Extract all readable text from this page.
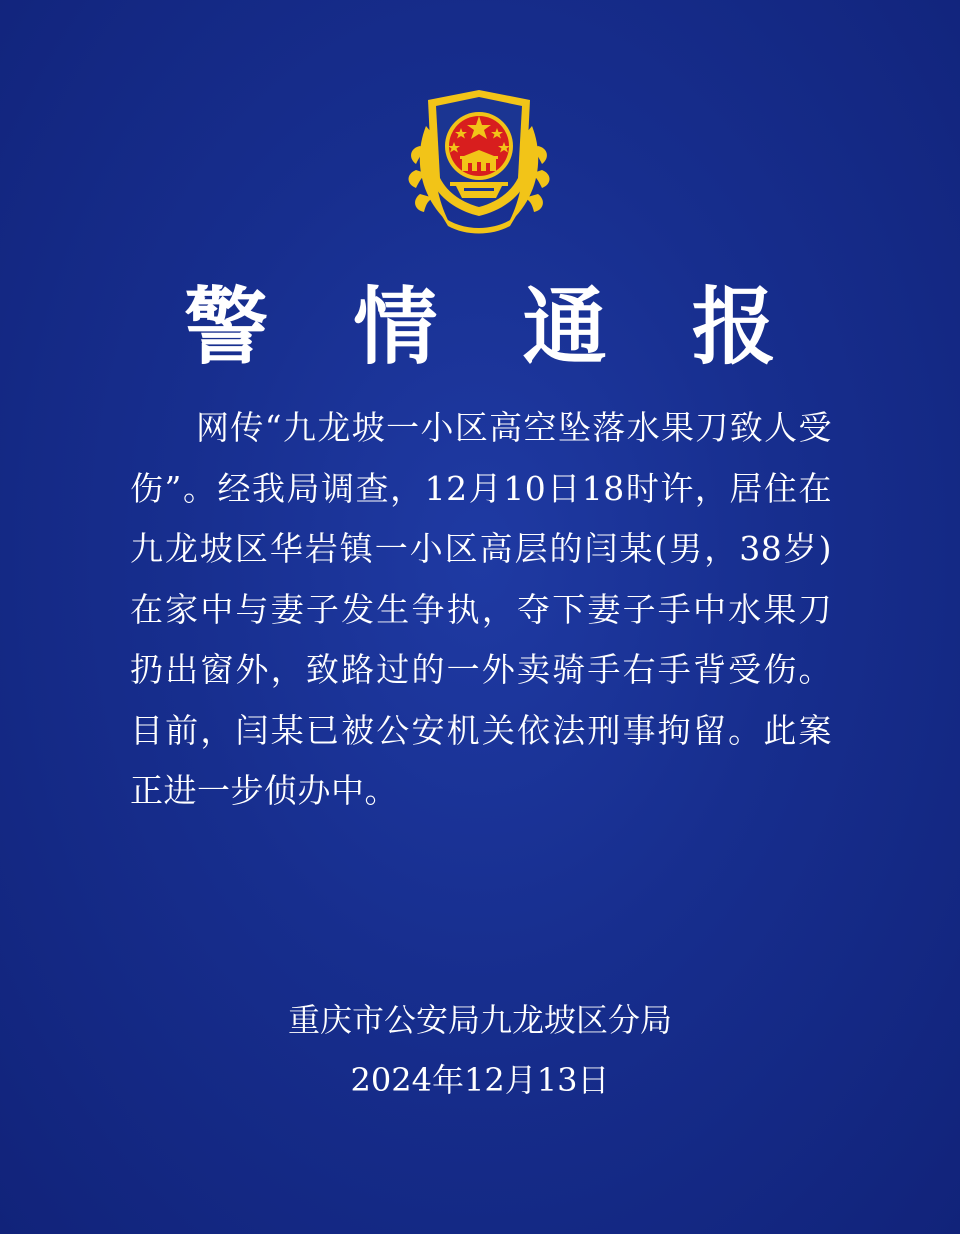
警 情 通 报
网传“九龙坡一小区高空坠落水果刀致人受伤”。经我局调查，12月10日18时许，居住在九龙坡区华岩镇一小区高层的闫某(男，38岁) 在家中与妻子发生争执，夺下妻子手中水果刀扔出窗外，致路过的一外卖骑手右手背受伤。目前，闫某已被公安机关依法刑事拘留。此案正进一步侦办中。
重庆市公安局九龙坡区分局
2024年12月13日
